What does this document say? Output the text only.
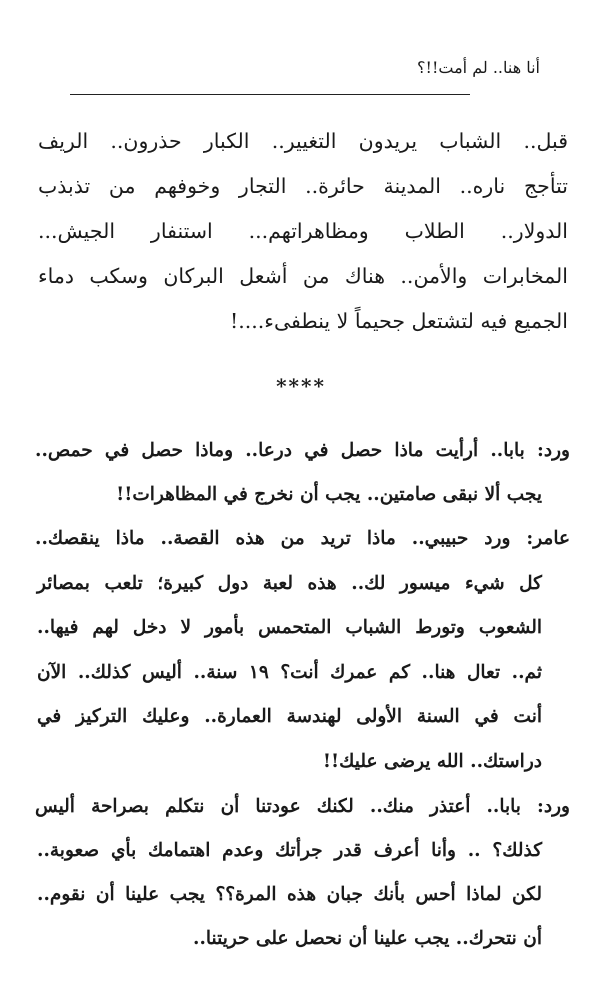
أنا هنا.. لم أمت!!؟
قبل.. الشباب يريدون التغيير.. الكبار حذرون.. الريف
تتأجج ناره.. المدينة حائرة.. التجار وخوفهم من تذبذب
الدولار.. الطلاب ومظاهراتهم... استنفار الجيش...
المخابرات والأمن.. هناك من أشعل البركان وسكب دماء
الجميع فيه لتشتعل جحيماً لا ينطفىء....!
****
ورد: بابا.. أرأيت ماذا حصل في درعا.. وماذا حصل في حمص..
يجب ألا نبقى صامتين.. يجب أن نخرج في المظاهرات!!
عامر: ورد حبيبي.. ماذا تريد من هذه القصة.. ماذا ينقصك..
كل شيء ميسور لك.. هذه لعبة دول كبيرة؛ تلعب بمصائر
الشعوب وتورط الشباب المتحمس بأمور لا دخل لهم فيها..
ثم.. تعال هنا.. كم عمرك أنت؟ ١٩ سنة.. أليس كذلك.. الآن
أنت في السنة الأولى لهندسة العمارة.. وعليك التركيز في
دراستك.. الله يرضى عليك!!
ورد: بابا.. أعتذر منك.. لكنك عودتنا أن نتكلم بصراحة أليس
كذلك؟ .. وأنا أعرف قدر جرأتك وعدم اهتمامك بأي صعوبة..
لكن لماذا أحس بأنك جبان هذه المرة؟؟ يجب علينا أن نقوم..
أن نتحرك.. يجب علينا أن نحصل على حريتنا..
